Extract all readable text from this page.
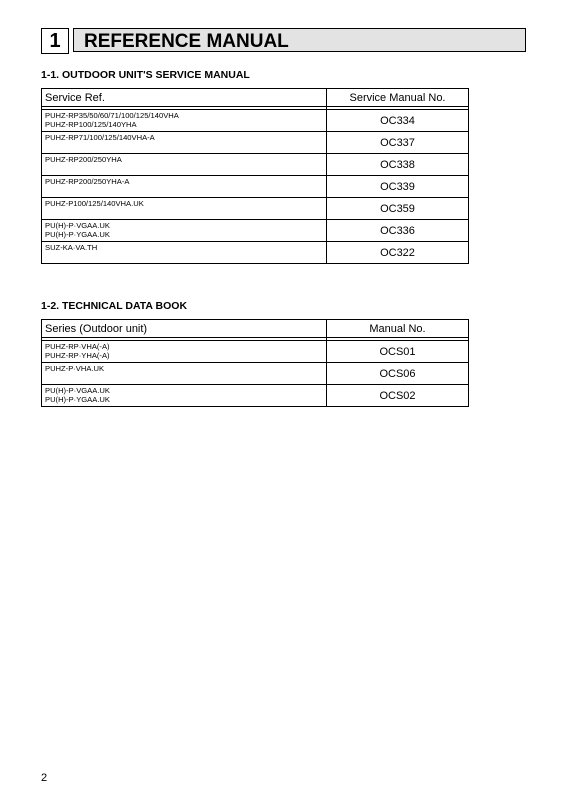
1	REFERENCE MANUAL
1-1. OUTDOOR UNIT'S SERVICE MANUAL
Service Ref.	Service Manual No.

PUHZ-RP35/50/60/71/100/125/140VHA
PUHZ-RP100/125/140YHA	OC334

PUHZ-RP71/100/125/140VHA-A	OC337

PUHZ-RP200/250YHA	OC338

PUHZ-RP200/250YHA-A	OC339

PUHZ-P100/125/140VHA.UK	OC359

PU(H)-P·VGAA.UK
PU(H)-P·YGAA.UK	OC336

SUZ-KA·VA.TH	OC322
1-2. TECHNICAL DATA BOOK
Series (Outdoor unit)	Manual No.

PUHZ-RP·VHA(-A)
PUHZ-RP·YHA(-A)	OCS01

PUHZ-P·VHA.UK	OCS06

PU(H)-P·VGAA.UK
PU(H)-P·YGAA.UK	OCS02
2
